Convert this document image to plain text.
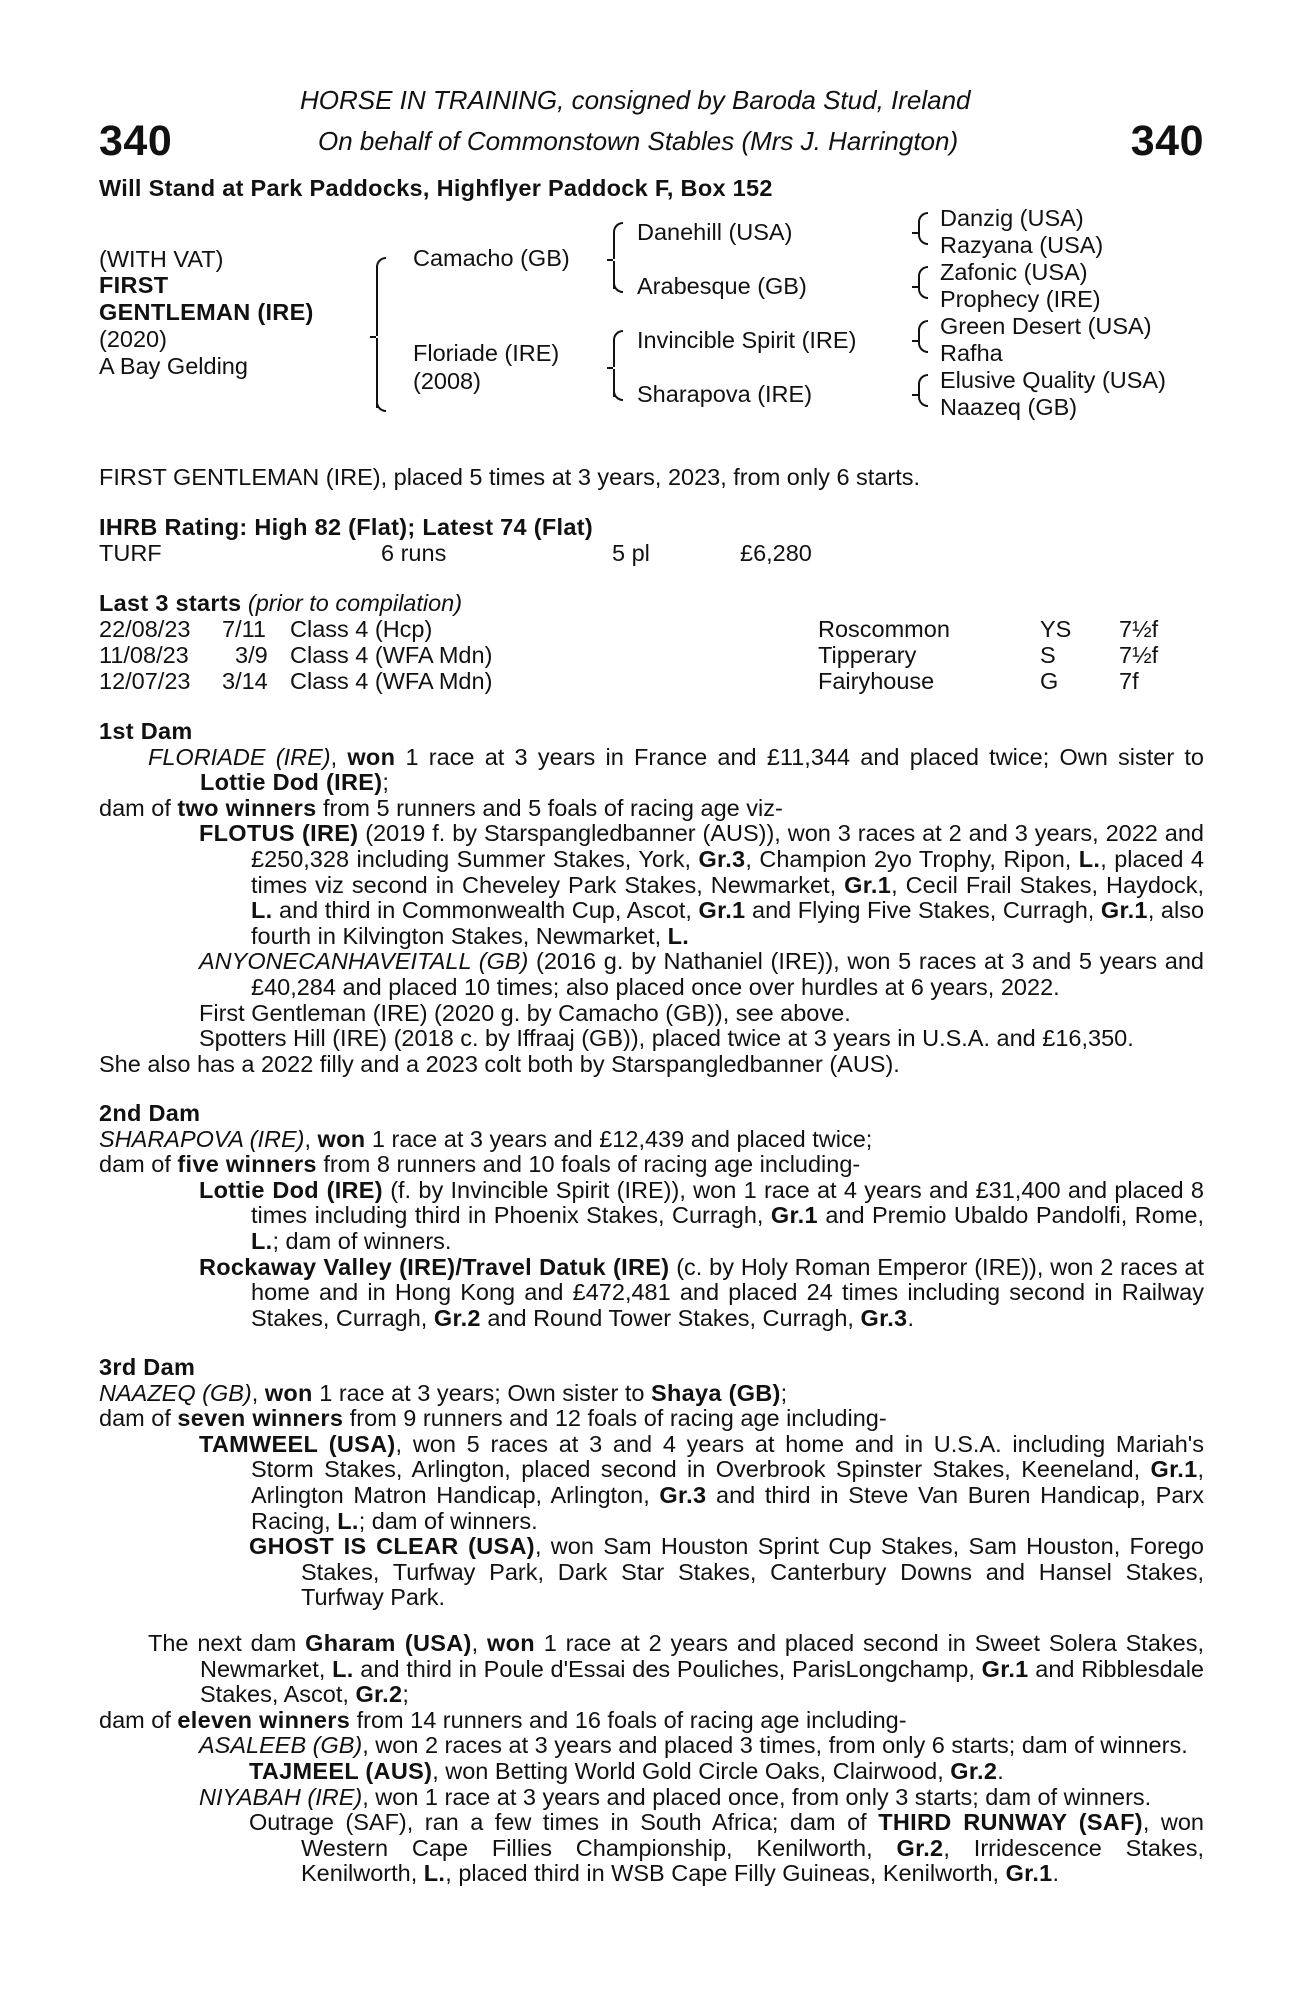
340	340
HORSE IN TRAINING, consigned by Baroda Stud, Ireland
On behalf of Commonstown Stables (Mrs J. Harrington)
Will Stand at Park Paddocks, Highflyer Paddock F, Box 152
(WITH VAT)
FIRST
GENTLEMAN (IRE)
(2020)
A Bay Gelding
Camacho (GB)
Floriade (IRE)
(2008)
Danehill (USA)
Arabesque (GB)
Invincible Spirit (IRE)
Sharapova (IRE)
Danzig (USA)
Razyana (USA)
Zafonic (USA)
Prophecy (IRE)
Green Desert (USA)
Rafha
Elusive Quality (USA)
Naazeq (GB)
FIRST GENTLEMAN (IRE), placed 5 times at 3 years, 2023, from only 6 starts.
IHRB Rating: High 82 (Flat); Latest 74 (Flat)
TURF	6 runs	5 pl	£6,280
Last 3 starts (prior to compilation)
22/08/23 7/11 Class 4 (Hcp)	Roscommon	YS 7½f
11/08/23 3/9 Class 4 (WFA Mdn)	Tipperary	S	7½f
12/07/23 3/14 Class 4 (WFA Mdn)	Fairyhouse	G	7f

1st Dam

FLORIADE (IRE), won 1 race at 3 years in France and £11,344 and placed twice; Own sister to Lottie Dod (IRE);

dam of two winners from 5 runners and 5 foals of racing age viz-

FLOTUS (IRE) (2019 f. by Starspangledbanner (AUS)), won 3 races at 2 and 3 years, 2022 and £250,328 including Summer Stakes, York, Gr.3, Champion 2yo Trophy, Ripon, L., placed 4 times viz second in Cheveley Park Stakes, Newmarket, Gr.1, Cecil Frail Stakes, Haydock, L. and third in Commonwealth Cup, Ascot, Gr.1 and Flying Five Stakes, Curragh, Gr.1, also fourth in Kilvington Stakes, Newmarket, L.

ANYONECANHAVEITALL (GB) (2016 g. by Nathaniel (IRE)), won 5 races at 3 and 5 years and £40,284 and placed 10 times; also placed once over hurdles at 6 years, 2022.

First Gentleman (IRE) (2020 g. by Camacho (GB)), see above.

Spotters Hill (IRE) (2018 c. by Iffraaj (GB)), placed twice at 3 years in U.S.A. and £16,350.

She also has a 2022 filly and a 2023 colt both by Starspangledbanner (AUS).

2nd Dam

SHARAPOVA (IRE), won 1 race at 3 years and £12,439 and placed twice;

dam of five winners from 8 runners and 10 foals of racing age including-

Lottie Dod (IRE) (f. by Invincible Spirit (IRE)), won 1 race at 4 years and £31,400 and placed 8 times including third in Phoenix Stakes, Curragh, Gr.1 and Premio Ubaldo Pandolfi, Rome, L.; dam of winners.

Rockaway Valley (IRE)/Travel Datuk (IRE) (c. by Holy Roman Emperor (IRE)), won 2 races at home and in Hong Kong and £472,481 and placed 24 times including second in Railway Stakes, Curragh, Gr.2 and Round Tower Stakes, Curragh, Gr.3.

3rd Dam

NAAZEQ (GB), won 1 race at 3 years; Own sister to Shaya (GB);

dam of seven winners from 9 runners and 12 foals of racing age including-

TAMWEEL (USA), won 5 races at 3 and 4 years at home and in U.S.A. including Mariah's Storm Stakes, Arlington, placed second in Overbrook Spinster Stakes, Keeneland, Gr.1, Arlington Matron Handicap, Arlington, Gr.3 and third in Steve Van Buren Handicap, Parx Racing, L.; dam of winners.

GHOST IS CLEAR (USA), won Sam Houston Sprint Cup Stakes, Sam Houston, Forego Stakes, Turfway Park, Dark Star Stakes, Canterbury Downs and Hansel Stakes, Turfway Park.

The next dam Gharam (USA), won 1 race at 2 years and placed second in Sweet Solera Stakes, Newmarket, L. and third in Poule d'Essai des Pouliches, ParisLongchamp, Gr.1 and Ribblesdale Stakes, Ascot, Gr.2;

dam of eleven winners from 14 runners and 16 foals of racing age including-

ASALEEB (GB), won 2 races at 3 years and placed 3 times, from only 6 starts; dam of winners.

TAJMEEL (AUS), won Betting World Gold Circle Oaks, Clairwood, Gr.2.

NIYABAH (IRE), won 1 race at 3 years and placed once, from only 3 starts; dam of winners.

Outrage (SAF), ran a few times in South Africa; dam of THIRD RUNWAY (SAF), won Western Cape Fillies Championship, Kenilworth, Gr.2, Irridescence Stakes, Kenilworth, L., placed third in WSB Cape Filly Guineas, Kenilworth, Gr.1.
